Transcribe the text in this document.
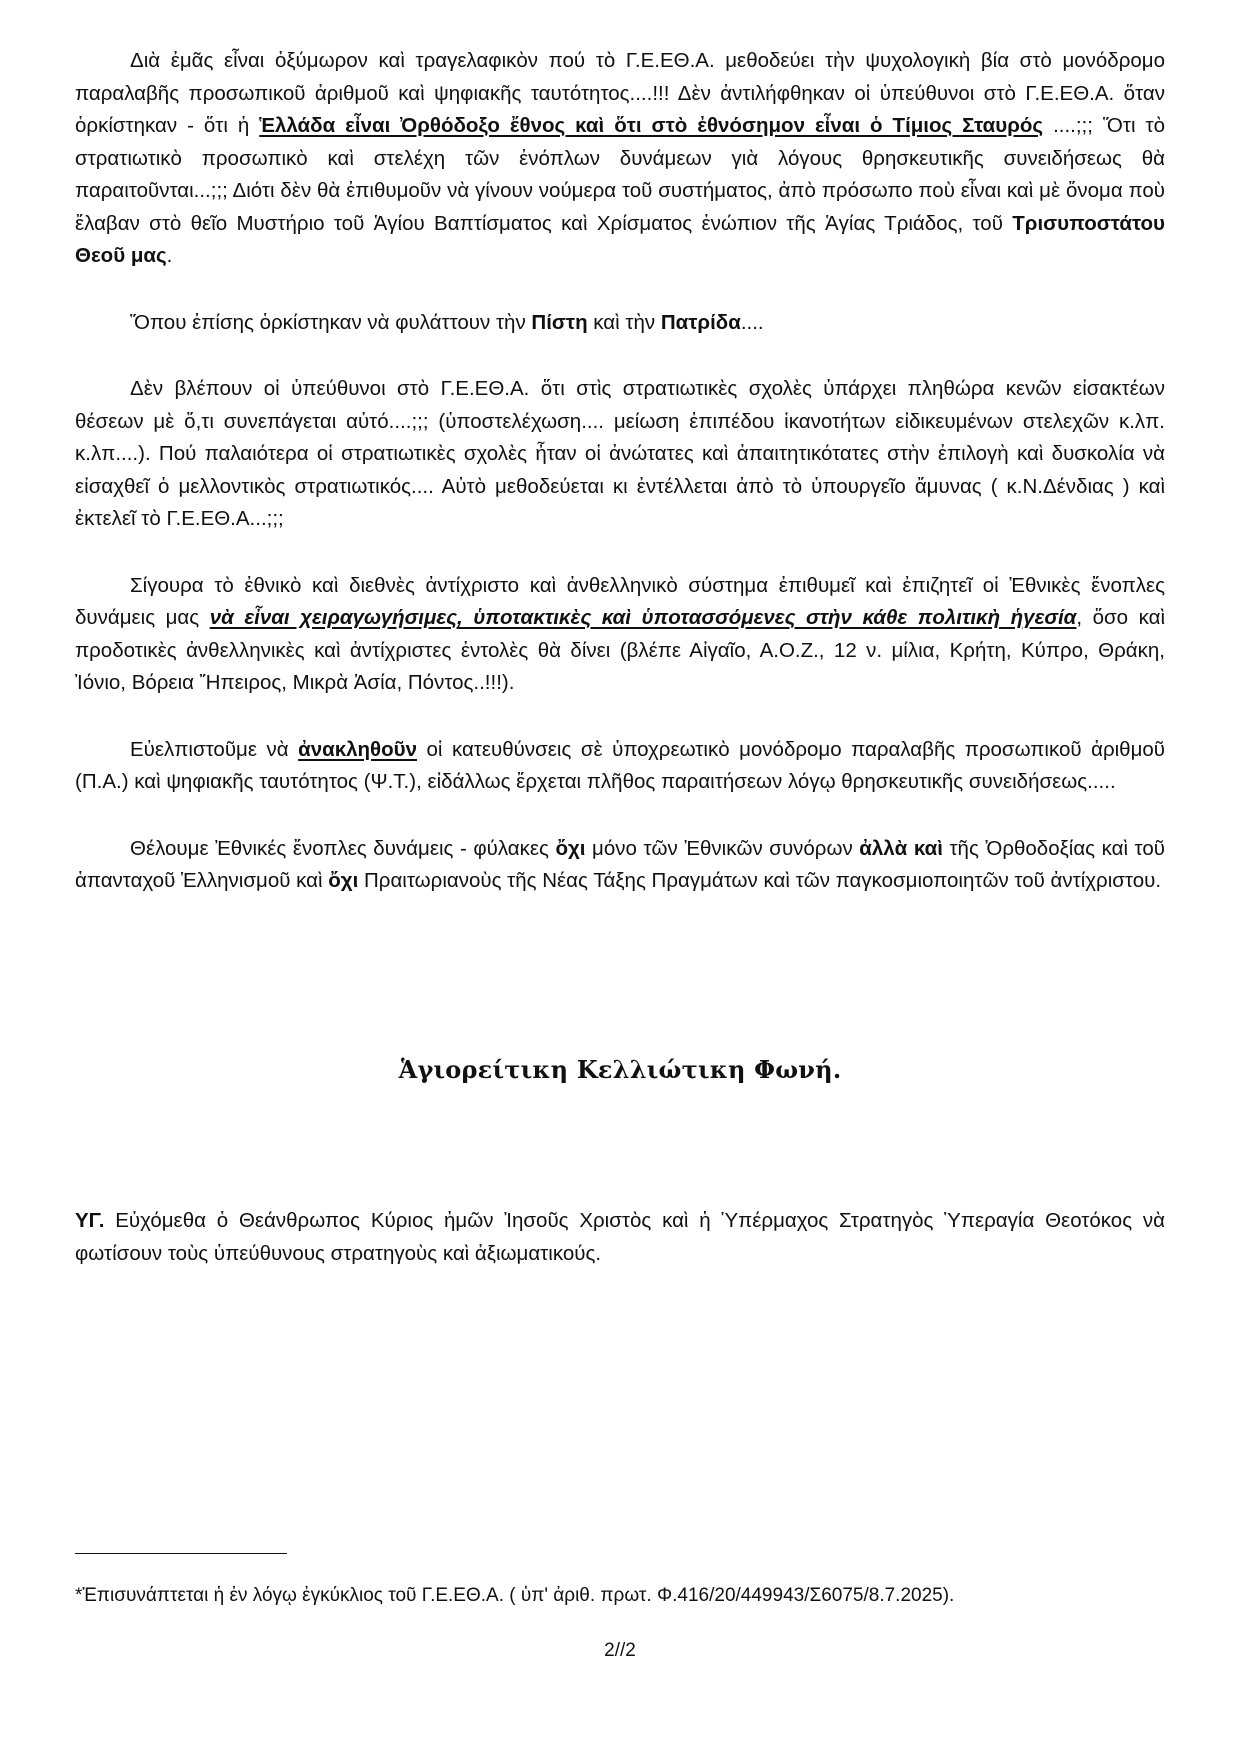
Διὰ ἐμᾶς εἶναι ὀξύμωρον καὶ τραγελαφικὸν πού τὸ Γ.Ε.ΕΘ.Α. μεθοδεύει τὴν ψυχολογικὴ βία στὸ μονόδρομο παραλαβῆς προσωπικοῦ ἀριθμοῦ καὶ ψηφιακῆς ταυτότητος....!!! Δὲν ἀντιλήφθηκαν οἱ ὑπεύθυνοι στὸ Γ.Ε.ΕΘ.Α. ὅταν ὁρκίστηκαν - ὅτι ἡ Ἑλλάδα εἶναι Ὀρθόδοξο ἔθνος καὶ ὅτι στὸ ἐθνόσημον εἶναι ὁ Τίμιος Σταυρός ....;;; Ὅτι τὸ στρατιωτικὸ προσωπικὸ καὶ στελέχη τῶν ἐνόπλων δυνάμεων γιὰ λόγους θρησκευτικῆς συνειδήσεως θὰ παραιτοῦνται...;;; Διότι δὲν θὰ ἐπιθυμοῦν νὰ γίνουν νούμερα τοῦ συστήματος, ἀπὸ πρόσωπο ποὺ εἶναι καὶ μὲ ὄνομα ποὺ ἔλαβαν στὸ θεῖο Μυστήριο τοῦ Ἁγίου Βαπτίσματος καὶ Χρίσματος ἐνώπιον τῆς Ἁγίας Τριάδος, τοῦ Τρισυποστάτου Θεοῦ μας.

Ὅπου ἐπίσης ὁρκίστηκαν νὰ φυλάττουν τὴν Πίστη καὶ τὴν Πατρίδα....

Δὲν βλέπουν οἱ ὑπεύθυνοι στὸ Γ.Ε.ΕΘ.Α. ὅτι στὶς στρατιωτικὲς σχολὲς ὑπάρχει πληθώρα κενῶν εἰσακτέων θέσεων μὲ ὅ,τι συνεπάγεται αὐτό....;;; (ὑποστελέχωση.... μείωση ἐπιπέδου ἱκανοτήτων εἰδικευμένων στελεχῶν κ.λπ. κ.λπ....). Πού παλαιότερα οἱ στρατιωτικὲς σχολὲς ἦταν οἱ ἀνώτατες καὶ ἀπαιτητικότατες στὴν ἐπιλογὴ καὶ δυσκολία νὰ εἰσαχθεῖ ὁ μελλοντικὸς στρατιωτικός.... Αὐτὸ μεθοδεύεται κι ἐντέλλεται ἀπὸ τὸ ὑπουργεῖο ἄμυνας ( κ.Ν.Δένδιας ) καὶ ἐκτελεῖ τὸ Γ.Ε.ΕΘ.Α...;;;

Σίγουρα τὸ ἐθνικὸ καὶ διεθνὲς ἀντίχριστο καὶ ἀνθελληνικὸ σύστημα ἐπιθυμεῖ καὶ ἐπιζητεῖ οἱ Ἐθνικὲς ἔνοπλες δυνάμεις μας νὰ εἶναι χειραγωγήσιμες, ὑποτακτικὲς καὶ ὑποτασσόμενες στὴν κάθε πολιτικὴ ἡγεσία, ὅσο καὶ προδοτικὲς ἀνθελληνικὲς καὶ ἀντίχριστες ἐντολὲς θὰ δίνει (βλέπε Αἰγαῖο, Α.Ο.Ζ., 12 ν. μίλια, Κρήτη, Κύπρο, Θράκη, Ἰόνιο, Βόρεια Ἤπειρος, Μικρὰ Ἀσία, Πόντος..!!!).

Εὐελπιστοῦμε νὰ ἀνακληθοῦν οἱ κατευθύνσεις σὲ ὑποχρεωτικὸ μονόδρομο παραλαβῆς προσωπικοῦ ἀριθμοῦ (Π.Α.) καὶ ψηφιακῆς ταυτότητος (Ψ.Τ.), εἰδάλλως ἔρχεται πλῆθος παραιτήσεων λόγῳ θρησκευτικῆς συνειδήσεως.....

Θέλουμε Ἐθνικές ἔνοπλες δυνάμεις - φύλακες ὄχι μόνο τῶν Ἐθνικῶν συνόρων ἀλλὰ καὶ τῆς Ὀρθοδοξίας καὶ τοῦ ἁπανταχοῦ Ἑλληνισμοῦ καὶ ὄχι Πραιτωριανοὺς τῆς Νέας Τάξης Πραγμάτων καὶ τῶν παγκοσμιοποιητῶν τοῦ ἀντίχριστου.

Ἁγιορείτικη Κελλιώτικη Φωνή.

ΥΓ. Εὐχόμεθα ὁ Θεάνθρωπος Κύριος ἡμῶν Ἰησοῦς Χριστὸς καὶ ἡ Ὑπέρμαχος Στρατηγὸς Ὑπεραγία Θεοτόκος νὰ φωτίσουν τοὺς ὑπεύθυνους στρατηγοὺς καὶ ἀξιωματικούς.

*Ἐπισυνάπτεται ἡ ἐν λόγῳ ἐγκύκλιος τοῦ Γ.Ε.ΕΘ.Α. ( ὑπ' ἀριθ. πρωτ. Φ.416/20/449943/Σ6075/8.7.2025).
2//2
